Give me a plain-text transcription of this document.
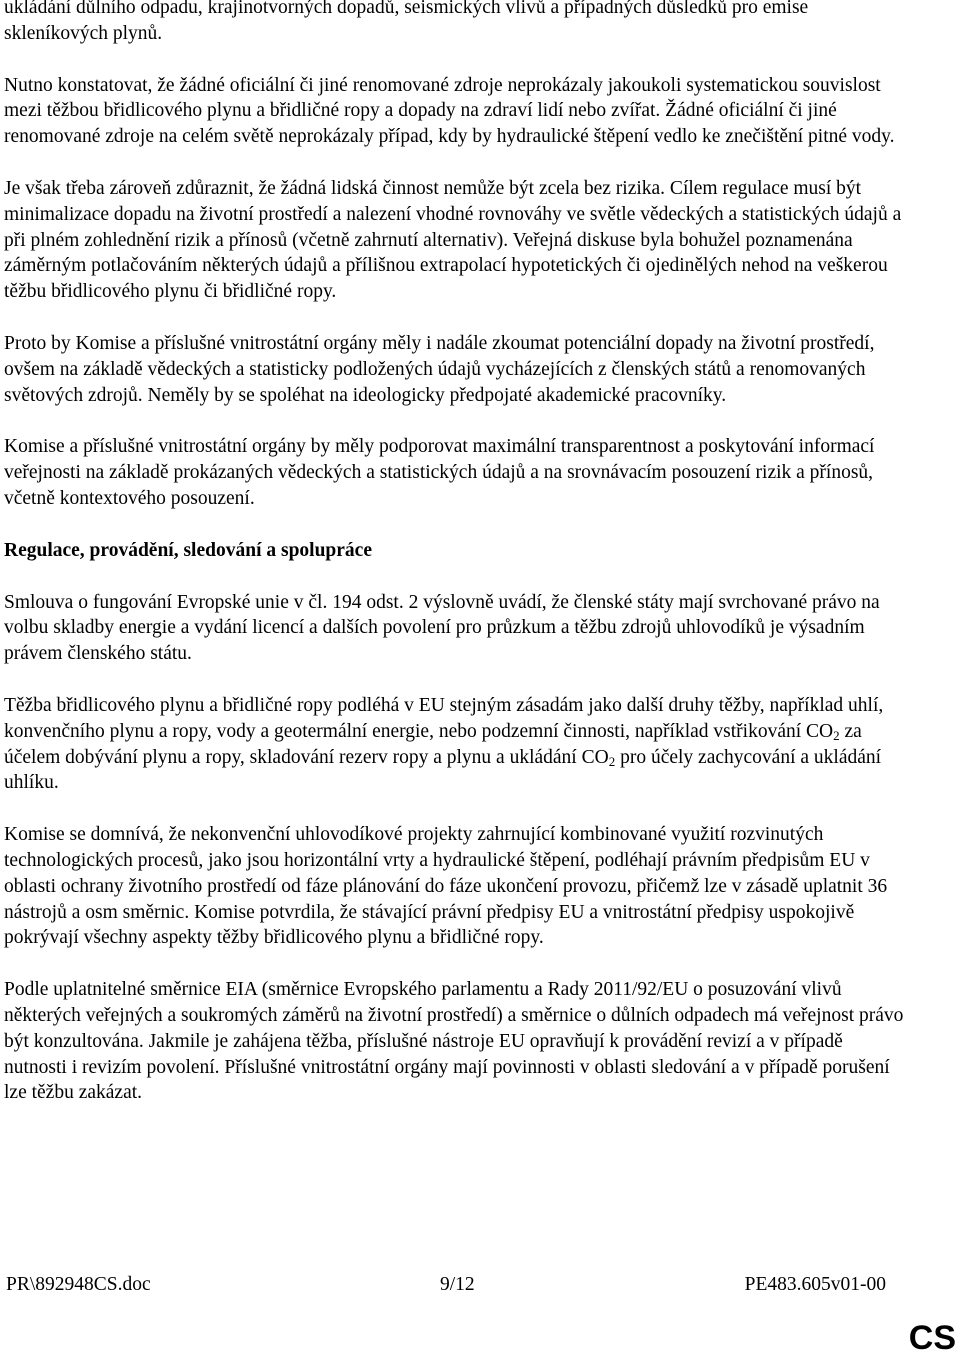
ukládání důlního odpadu, krajinotvorných dopadů, seismických vlivů a případných důsledků pro emise skleníkových plynů.

Nutno konstatovat, že žádné oficiální či jiné renomované zdroje neprokázaly jakoukoli systematickou souvislost mezi těžbou břidlicového plynu a břidličné ropy a dopady na zdraví lidí nebo zvířat. Žádné oficiální či jiné renomované zdroje na celém světě neprokázaly případ, kdy by hydraulické štěpení vedlo ke znečištění pitné vody.

Je však třeba zároveň zdůraznit, že žádná lidská činnost nemůže být zcela bez rizika. Cílem regulace musí být minimalizace dopadu na životní prostředí a nalezení vhodné rovnováhy ve světle vědeckých a statistických údajů a při plném zohlednění rizik a přínosů (včetně zahrnutí alternativ). Veřejná diskuse byla bohužel poznamenána záměrným potlačováním některých údajů a přílišnou extrapolací hypotetických či ojedinělých nehod na veškerou těžbu břidlicového plynu či břidličné ropy.

Proto by Komise a příslušné vnitrostátní orgány měly i nadále zkoumat potenciální dopady na životní prostředí, ovšem na základě vědeckých a statisticky podložených údajů vycházejících z členských států a renomovaných světových zdrojů. Neměly by se spoléhat na ideologicky předpojaté akademické pracovníky.

Komise a příslušné vnitrostátní orgány by měly podporovat maximální transparentnost a poskytování informací veřejnosti na základě prokázaných vědeckých a statistických údajů a na srovnávacím posouzení rizik a přínosů, včetně kontextového posouzení.

Regulace, provádění, sledování a spolupráce

Smlouva o fungování Evropské unie v čl. 194 odst. 2 výslovně uvádí, že členské státy mají svrchované právo na volbu skladby energie a vydání licencí a dalších povolení pro průzkum a těžbu zdrojů uhlovodíků je výsadním právem členského státu.

Těžba břidlicového plynu a břidličné ropy podléhá v EU stejným zásadám jako další druhy těžby, například uhlí, konvenčního plynu a ropy, vody a geotermální energie, nebo podzemní činnosti, například vstřikování $CO_2$ za účelem dobývání plynu a ropy, skladování rezerv ropy a plynu a ukládání $CO_2$ pro účely zachycování a ukládání uhlíku.

Komise se domnívá, že nekonvenční uhlovodíkové projekty zahrnující kombinované využití rozvinutých technologických procesů, jako jsou horizontální vrty a hydraulické štěpení, podléhají právním předpisům EU v oblasti ochrany životního prostředí od fáze plánování do fáze ukončení provozu, přičemž lze v zásadě uplatnit 36 nástrojů a osm směrnic. Komise potvrdila, že stávající právní předpisy EU a vnitrostátní předpisy uspokojivě pokrývají všechny aspekty těžby břidlicového plynu a břidličné ropy.

Podle uplatnitelné směrnice EIA (směrnice Evropského parlamentu a Rady 2011/92/EU o posuzování vlivů některých veřejných a soukromých záměrů na životní prostředí) a směrnice o důlních odpadech má veřejnost právo být konzultována. Jakmile je zahájena těžba, příslušné nástroje EU opravňují k provádění revizí a v případě nutnosti i revizím povolení. Příslušné vnitrostátní orgány mají povinnosti v oblasti sledování a v případě porušení lze těžbu zakázat.

PR\892948CS.doc	9/12	PE483.605v01-00
CS
